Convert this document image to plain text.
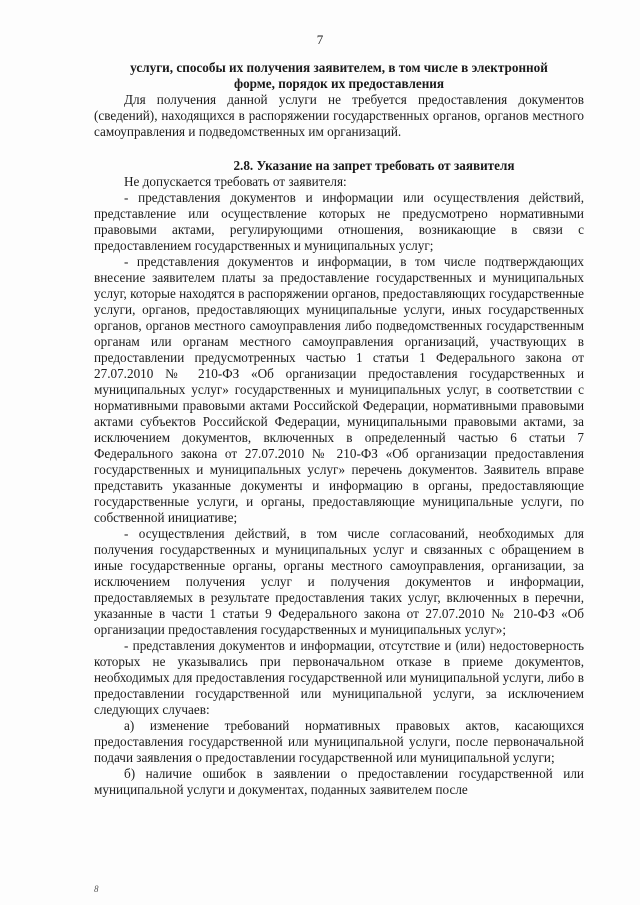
7

услуги, способы их получения заявителем, в том числе в электронной

форме, порядок их предоставления

Для получения данной услуги не требуется предоставления документов (сведений), находящихся в распоряжении государственных органов, органов местного самоуправления и подведомственных им организаций.

2.8. Указание на запрет требовать от заявителя

Не допускается требовать от заявителя:

- представления документов и информации или осуществления действий, представление или осуществление которых не предусмотрено нормативными правовыми актами, регулирующими отношения, возникающие в связи с предоставлением государственных и муниципальных услуг;

- представления документов и информации, в том числе подтверждающих внесение заявителем платы за предоставление государственных и муниципальных услуг, которые находятся в распоряжении органов, предоставляющих государственные услуги, органов, предоставляющих муниципальные услуги, иных государственных органов, органов местного самоуправления либо подведомственных государственным органам или органам местного самоуправления организаций, участвующих в предоставлении предусмотренных частью 1 статьи 1 Федерального закона от 27.07.2010 № 210-ФЗ «Об организации предоставления государственных и муниципальных услуг» государственных и муниципальных услуг, в соответствии с нормативными правовыми актами Российской Федерации, нормативными правовыми актами субъектов Российской Федерации, муниципальными правовыми актами, за исключением документов, включенных в определенный частью 6 статьи 7 Федерального закона от 27.07.2010 № 210-ФЗ «Об организации предоставления государственных и муниципальных услуг» перечень документов. Заявитель вправе представить указанные документы и информацию в органы, предоставляющие государственные услуги, и органы, предоставляющие муниципальные услуги, по собственной инициативе;

- осуществления действий, в том числе согласований, необходимых для получения государственных и муниципальных услуг и связанных с обращением в иные государственные органы, органы местного самоуправления, организации, за исключением получения услуг и получения документов и информации, предоставляемых в результате предоставления таких услуг, включенных в перечни, указанные в части 1 статьи 9 Федерального закона от 27.07.2010 № 210-ФЗ «Об организации предоставления государственных и муниципальных услуг»;

- представления документов и информации, отсутствие и (или) недостоверность которых не указывались при первоначальном отказе в приеме документов, необходимых для предоставления государственной или муниципальной услуги, либо в предоставлении государственной или муниципальной услуги, за исключением следующих случаев:

а) изменение требований нормативных правовых актов, касающихся предоставления государственной или муниципальной услуги, после первоначальной подачи заявления о предоставлении государственной или муниципальной услуги;

б) наличие ошибок в заявлении о предоставлении государственной или муниципальной услуги и документах, поданных заявителем после

8
